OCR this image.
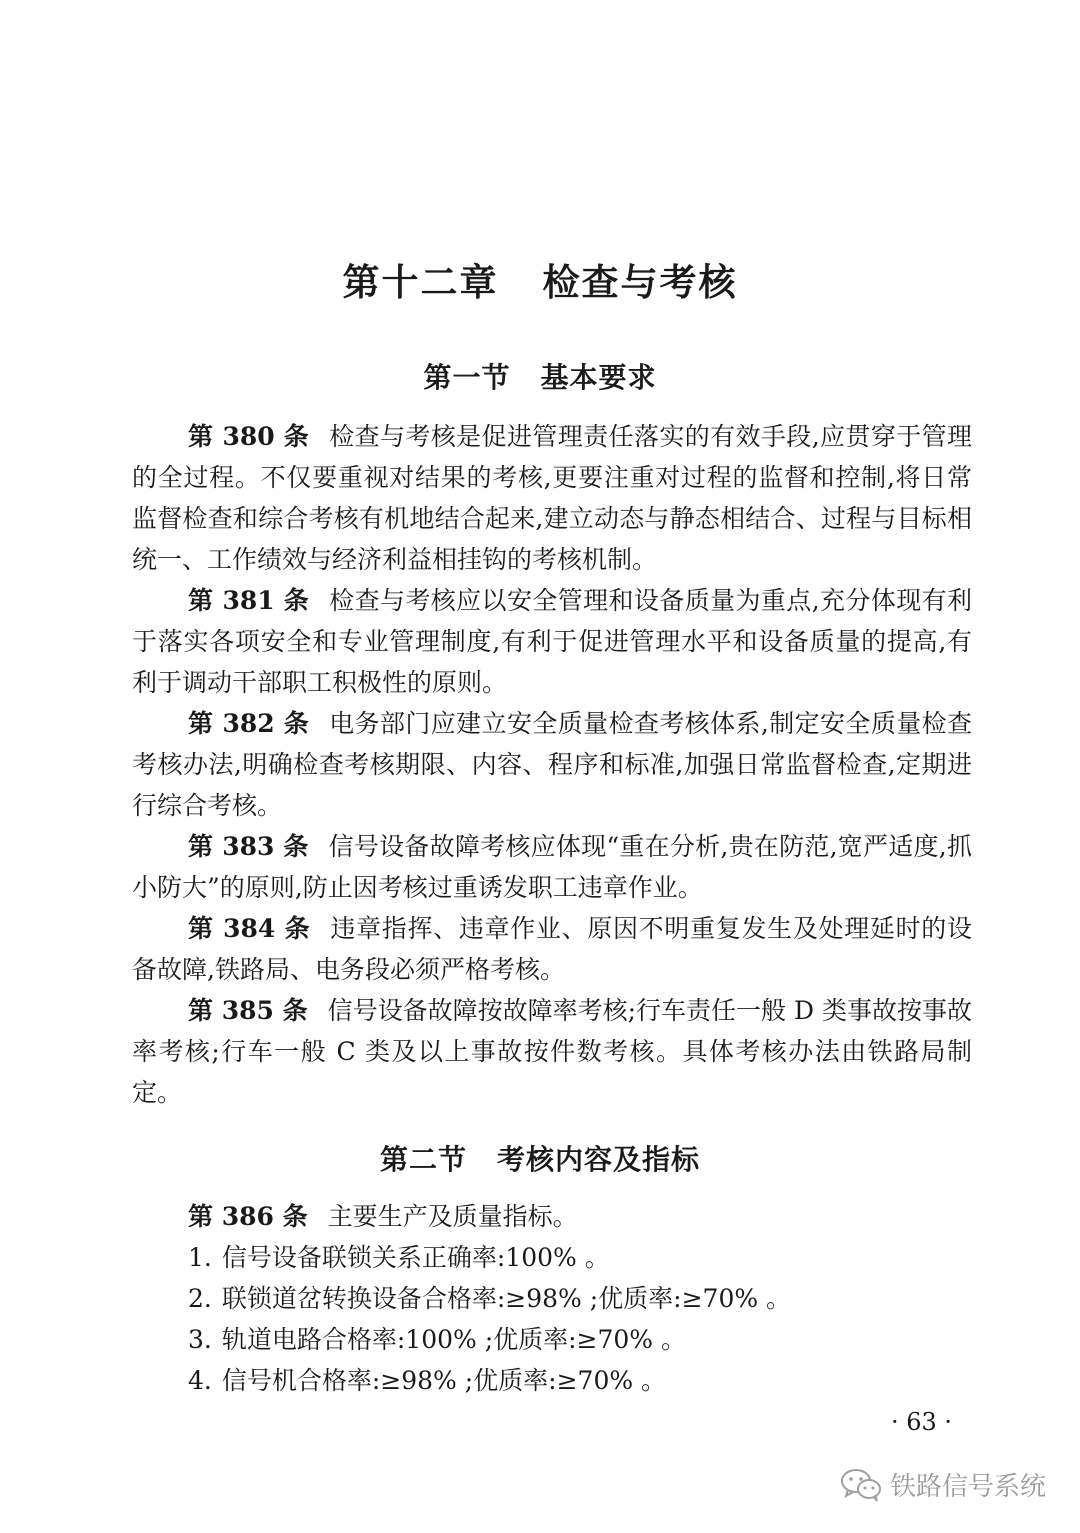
第十二章 检查与考核
第一节 基本要求

第 380 条 检查与考核是促进管理责任落实的有效手段,应贯穿于管理的全过程。不仅要重视对结果的考核,更要注重对过程的监督和控制,将日常监督检查和综合考核有机地结合起来,建立动态与静态相结合、过程与目标相统一、工作绩效与经济利益相挂钩的考核机制。

第 381 条 检查与考核应以安全管理和设备质量为重点,充分体现有利于落实各项安全和专业管理制度,有利于促进管理水平和设备质量的提高,有利于调动干部职工积极性的原则。

第 382 条 电务部门应建立安全质量检查考核体系,制定安全质量检查考核办法,明确检查考核期限、内容、程序和标准,加强日常监督检查,定期进行综合考核。

第 383 条 信号设备故障考核应体现“重在分析,贵在防范,宽严适度,抓小防大”的原则,防止因考核过重诱发职工违章作业。

第 384 条 违章指挥、违章作业、原因不明重复发生及处理延时的设备故障,铁路局、电务段必须严格考核。

第 385 条 信号设备故障按故障率考核;行车责任一般 D 类事故按事故率考核;行车一般 C 类及以上事故按件数考核。具体考核办法由铁路局制定。

第二节 考核内容及指标

第 386 条 主要生产及质量指标。

1. 信号设备联锁关系正确率:100% 。

2. 联锁道岔转换设备合格率:≥98% ;优质率:≥70% 。

3. 轨道电路合格率:100% ;优质率:≥70% 。

4. 信号机合格率:≥98% ;优质率:≥70% 。

· 63 ·
铁路信号系统
